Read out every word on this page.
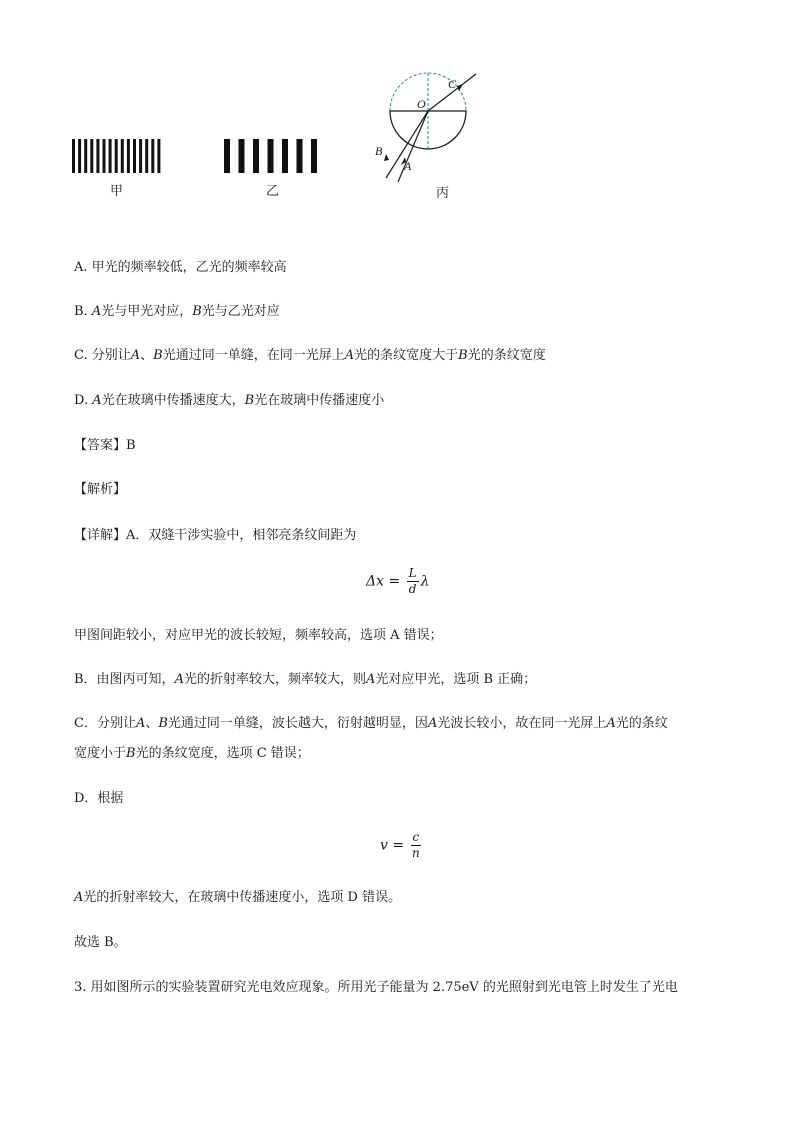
甲	乙
O
C
B
A
丙
A. 甲光的频率较低，乙光的频率较高
B. A光与甲光对应，B光与乙光对应
C. 分别让A、B光通过同一单缝，在同一光屏上A光的条纹宽度大于B光的条纹宽度
D. A光在玻璃中传播速度大，B光在玻璃中传播速度小
【答案】B
【解析】
【详解】A．双缝干涉实验中，相邻亮条纹间距为
$\Delta x = \frac{L}{d}$ λ
甲图间距较小，对应甲光的波长较短，频率较高，选项 A 错误；
B．由图丙可知，A光的折射率较大，频率较大，则A光对应甲光，选项 B 正确；
C．分别让A、B光通过同一单缝，波长越大，衍射越明显，因A光波长较小，故在同一光屏上A光的条纹
宽度小于B光的条纹宽度，选项 C 错误；
D．根据
$v = \frac{c}{n}$
A光的折射率较大，在玻璃中传播速度小，选项 D 错误。
故选 B。
3. 用如图所示的实验装置研究光电效应现象。所用光子能量为 2.75eV 的光照射到光电管上时发生了光电
